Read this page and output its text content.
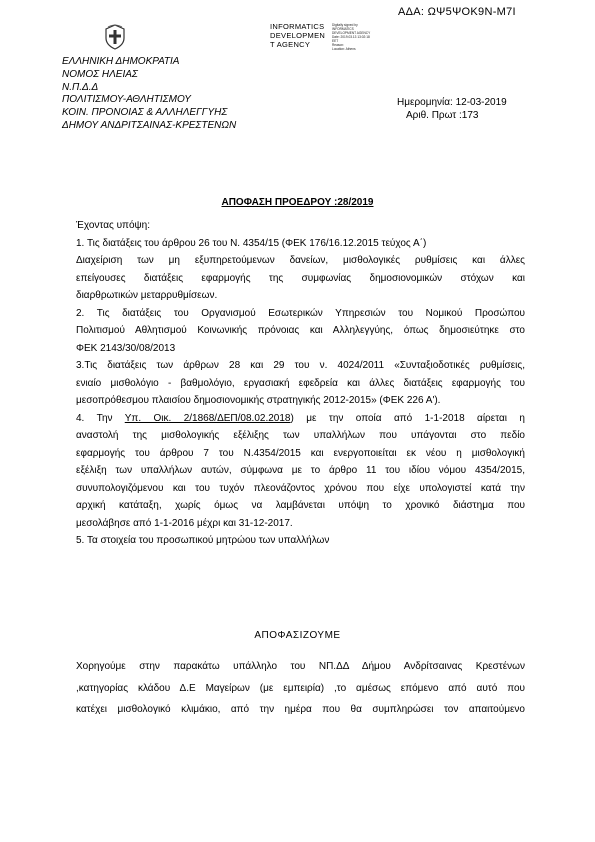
ΑΔΑ: ΩΨ5ΨΟΚ9Ν-Μ7Ι
INFORMATICS
DEVELOPMEN
T AGENCY
Digitally signed by
INFORMATICS
DEVELOPMENT AGENCY
Date: 2019.03.13 13:02:18
EET
Reason:
Location: Athens
ΕΛΛΗΝΙΚΗ ΔΗΜΟΚΡΑΤΙΑ
ΝΟΜΟΣ ΗΛΕΙΑΣ
Ν.Π.Δ.Δ
ΠΟΛΙΤΙΣΜΟΥ-ΑΘΛΗΤΙΣΜΟΥ
ΚΟΙΝ. ΠΡΟΝΟΙΑΣ & ΑΛΛΗΛΕΓΓΥΗΣ
ΔΗΜΟΥ ΑΝΔΡΙΤΣΑΙΝΑΣ-ΚΡΕΣΤΕΝΩΝ
Ημερομηνία: 12-03-2019
Αριθ. Πρωτ :173
ΑΠΟΦΑΣΗ ΠΡΟΕΔΡΟΥ :28/2019

Έχοντας υπόψη:

1. Τις διατάξεις του άρθρου 26 του Ν. 4354/15 (ΦΕΚ 176/16.12.2015 τεύχος Α΄)

Διαχείριση των μη εξυπηρετούμενων δανείων, μισθολογικές ρυθμίσεις και άλλες

επείγουσες διατάξεις εφαρμογής της συμφωνίας δημοσιονομικών στόχων και

διαρθρωτικών μεταρρυθμίσεων.

2. Τις διατάξεις του Οργανισμού Εσωτερικών Υπηρεσιών του Νομικού Προσώπου

Πολιτισμού Αθλητισμού Κοινωνικής πρόνοιας και Αλληλεγγύης, όπως δημοσιεύτηκε στο

ΦΕΚ 2143/30/08/2013

3.Τις διατάξεις των άρθρων 28 και 29 του ν. 4024/2011 «Συνταξιοδοτικές ρυθμίσεις,

ενιαίο μισθολόγιο - βαθμολόγιο, εργασιακή εφεδρεία και άλλες διατάξεις εφαρμογής του

μεσοπρόθεσμου πλαισίου δημοσιονομικής στρατηγικής 2012-2015» (ΦΕΚ 226 Α').

4. Την Υπ. Οικ. 2/1868/ΔΕΠ/08.02.2018) με την οποία από 1-1-2018 αίρεται η

αναστολή της μισθολογικής εξέλιξης των υπαλλήλων που υπάγονται στο πεδίο

εφαρμογής του άρθρου 7 του Ν.4354/2015 και ενεργοποιείται εκ νέου η μισθολογική

εξέλιξη των υπαλλήλων αυτών, σύμφωνα με το άρθρο 11 του ιδίου νόμου 4354/2015,

συνυπολογιζόμενου και του τυχόν πλεονάζοντος χρόνου που είχε υπολογιστεί κατά την

αρχική κατάταξη, χωρίς όμως να λαμβάνεται υπόψη το χρονικό διάστημα που

μεσολάβησε από 1-1-2016 μέχρι και 31-12-2017.

5. Τα στοιχεία του προσωπικού μητρώου των υπαλλήλων

ΑΠΟΦΑΣΙΖΟΥΜΕ

Χορηγούμε στην παρακάτω υπάλληλο του ΝΠ.ΔΔ Δήμου Ανδρίτσαινας Κρεστένων

,κατηγορίας κλάδου Δ.Ε Μαγείρων (με εμπειρία) ,το αμέσως επόμενο από αυτό που

κατέχει μισθολογικό κλιμάκιο, από την ημέρα που θα συμπληρώσει τον απαιτούμενο
